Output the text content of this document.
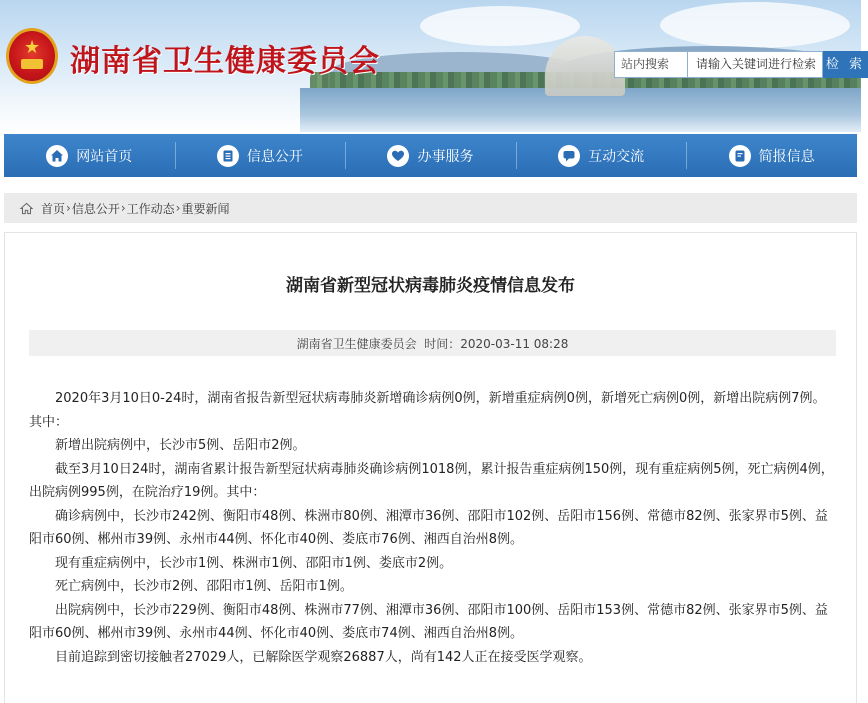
★ 湖南省卫生健康委员会	站内搜索	请输入关键词进行检索 检 索
网站首页	信息公开	办事服务	互动交流	简报信息
首页 › 信息公开 › 工作动态 › 重要新闻
湖南省新型冠状病毒肺炎疫情信息发布
湖南省卫生健康委员会  时间：2020-03-11 08:28

2020年3月10日0-24时，湖南省报告新型冠状病毒肺炎新增确诊病例0例，新增重症病例0例，新增死亡病例0例，新增出院病例7例。其中：

新增出院病例中，长沙市5例、岳阳市2例。

截至3月10日24时，湖南省累计报告新型冠状病毒肺炎确诊病例1018例，累计报告重症病例150例，现有重症病例5例，死亡病例4例，出院病例995例，在院治疗19例。其中：

确诊病例中，长沙市242例、衡阳市48例、株洲市80例、湘潭市36例、邵阳市102例、岳阳市156例、常德市82例、张家界市5例、益阳市60例、郴州市39例、永州市44例、怀化市40例、娄底市76例、湘西自治州8例。

现有重症病例中，长沙市1例、株洲市1例、邵阳市1例、娄底市2例。

死亡病例中，长沙市2例、邵阳市1例、岳阳市1例。

出院病例中，长沙市229例、衡阳市48例、株洲市77例、湘潭市36例、邵阳市100例、岳阳市153例、常德市82例、张家界市5例、益阳市60例、郴州市39例、永州市44例、怀化市40例、娄底市74例、湘西自治州8例。

目前追踪到密切接触者27029人，已解除医学观察26887人，尚有142人正在接受医学观察。
